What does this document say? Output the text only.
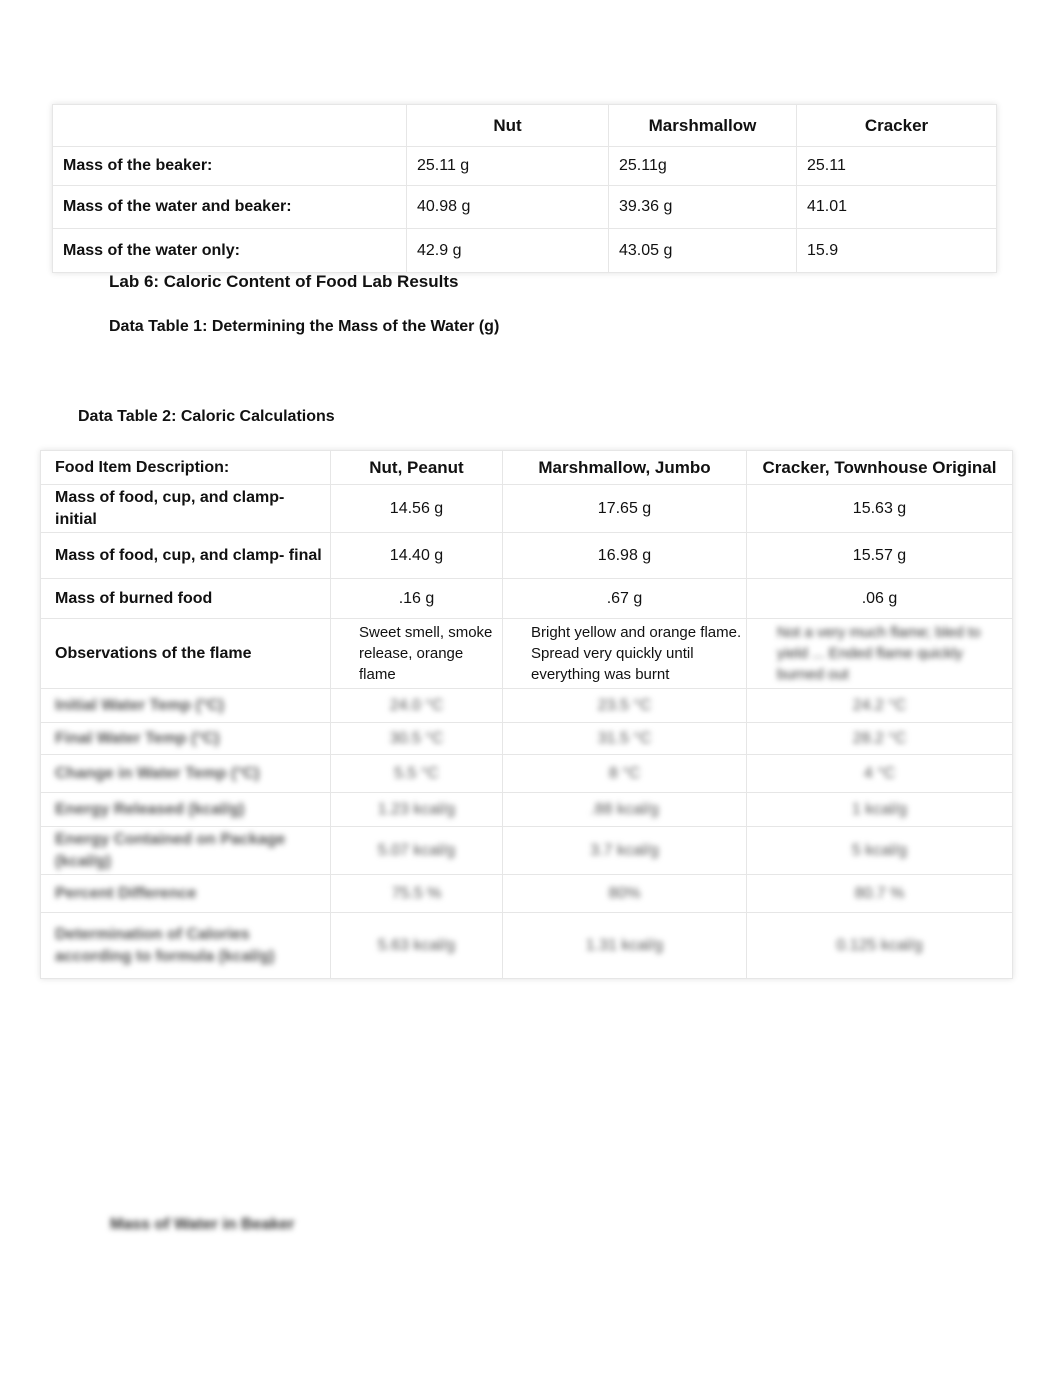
	Nut	Marshmallow	Cracker
Mass of the beaker:	25.11 g	25.11g	25.11
Mass of the water and beaker:	40.98 g	39.36 g	41.01
Mass of the water only:	42.9 g	43.05 g	15.9
Lab 6: Caloric Content of Food Lab Results
Data Table 1: Determining the Mass of the Water (g)
Data Table 2: Caloric Calculations
Food Item Description:	Nut, Peanut	Marshmallow, Jumbo	Cracker, Townhouse Original
Mass of food, cup, and clamp- initial	14.56 g	17.65 g	15.63 g
Mass of food, cup, and clamp- final	14.40 g	16.98 g	15.57 g
Mass of burned food	.16 g	.67 g	.06 g
Observations of the flame	Sweet smell, smoke release, orange flame	Bright yellow and orange flame. Spread very quickly until everything was burnt	Not a very much flame; bled to yield ... Ended flame quickly burned out
Initial Water Temp (°C)	24.0 °C	23.5 °C	24.2 °C
Final Water Temp (°C)	30.5 °C	31.5 °C	28.2 °C
Change in Water Temp (°C)	5.5 °C	8 °C	4 °C
Energy Released (kcal/g)	1.23 kcal/g	.88 kcal/g	1 kcal/g
Energy Contained on Package (kcal/g)	5.07 kcal/g	3.7 kcal/g	5 kcal/g
Percent Difference	75.5 %	80%	80.7 %
Determination of Calories according to formula (kcal/g)	5.63 kcal/g	1.31 kcal/g	0.125 kcal/g
Mass of Water in Beaker
